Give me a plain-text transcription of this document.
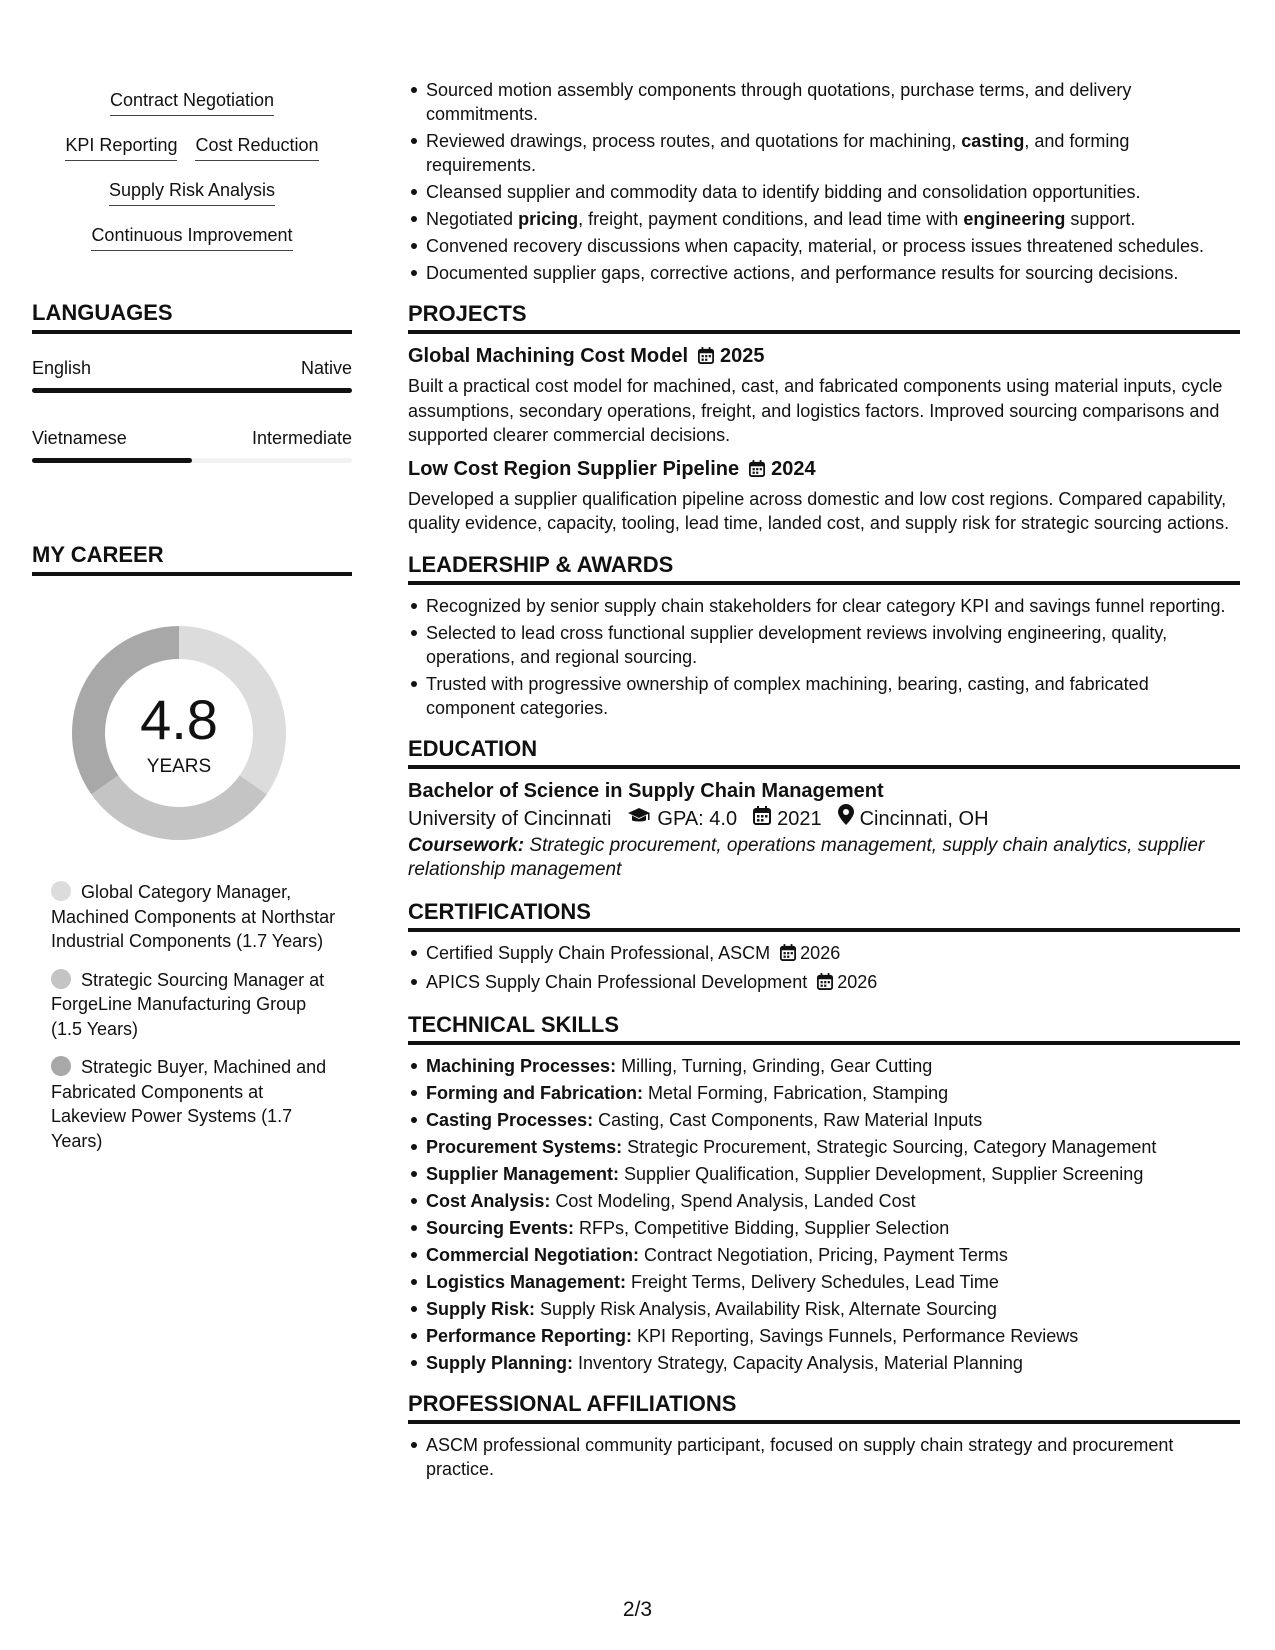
Contract Negotiation
KPI Reporting Cost Reduction
Supply Risk Analysis
Continuous Improvement
LANGUAGES
English	Native
Vietnamese	Intermediate
MY CAREER
4.8
YEARS
Global Category Manager, Machined Components at Northstar Industrial Components (1.7 Years)
Strategic Sourcing Manager at ForgeLine Manufacturing Group (1.5 Years)
Strategic Buyer, Machined and Fabricated Components at Lakeview Power Systems (1.7 Years)
Sourced motion assembly components through quotations, purchase terms, and delivery commitments.
Reviewed drawings, process routes, and quotations for machining, casting, and forming requirements.
Cleansed supplier and commodity data to identify bidding and consolidation opportunities.
Negotiated pricing, freight, payment conditions, and lead time with engineering support.
Convened recovery discussions when capacity, material, or process issues threatened schedules.
Documented supplier gaps, corrective actions, and performance results for sourcing decisions.
PROJECTS
Global Machining Cost Model 2025
Built a practical cost model for machined, cast, and fabricated components using material inputs, cycle assumptions, secondary operations, freight, and logistics factors. Improved sourcing comparisons and supported clearer commercial decisions.
Low Cost Region Supplier Pipeline 2024
Developed a supplier qualification pipeline across domestic and low cost regions. Compared capability, quality evidence, capacity, tooling, lead time, landed cost, and supply risk for strategic sourcing actions.
LEADERSHIP & AWARDS
Recognized by senior supply chain stakeholders for clear category KPI and savings funnel reporting.
Selected to lead cross functional supplier development reviews involving engineering, quality, operations, and regional sourcing.
Trusted with progressive ownership of complex machining, bearing, casting, and fabricated component categories.
EDUCATION
Bachelor of Science in Supply Chain Management
University of Cincinnati GPA: 4.0 2021 Cincinnati, OH
Coursework: Strategic procurement, operations management, supply chain analytics, supplier relationship management
CERTIFICATIONS
Certified Supply Chain Professional, ASCM 2026
APICS Supply Chain Professional Development 2026
TECHNICAL SKILLS
Machining Processes: Milling, Turning, Grinding, Gear Cutting
Forming and Fabrication: Metal Forming, Fabrication, Stamping
Casting Processes: Casting, Cast Components, Raw Material Inputs
Procurement Systems: Strategic Procurement, Strategic Sourcing, Category Management
Supplier Management: Supplier Qualification, Supplier Development, Supplier Screening
Cost Analysis: Cost Modeling, Spend Analysis, Landed Cost
Sourcing Events: RFPs, Competitive Bidding, Supplier Selection
Commercial Negotiation: Contract Negotiation, Pricing, Payment Terms
Logistics Management: Freight Terms, Delivery Schedules, Lead Time
Supply Risk: Supply Risk Analysis, Availability Risk, Alternate Sourcing
Performance Reporting: KPI Reporting, Savings Funnels, Performance Reviews
Supply Planning: Inventory Strategy, Capacity Analysis, Material Planning
PROFESSIONAL AFFILIATIONS
ASCM professional community participant, focused on supply chain strategy and procurement practice.
2/3
